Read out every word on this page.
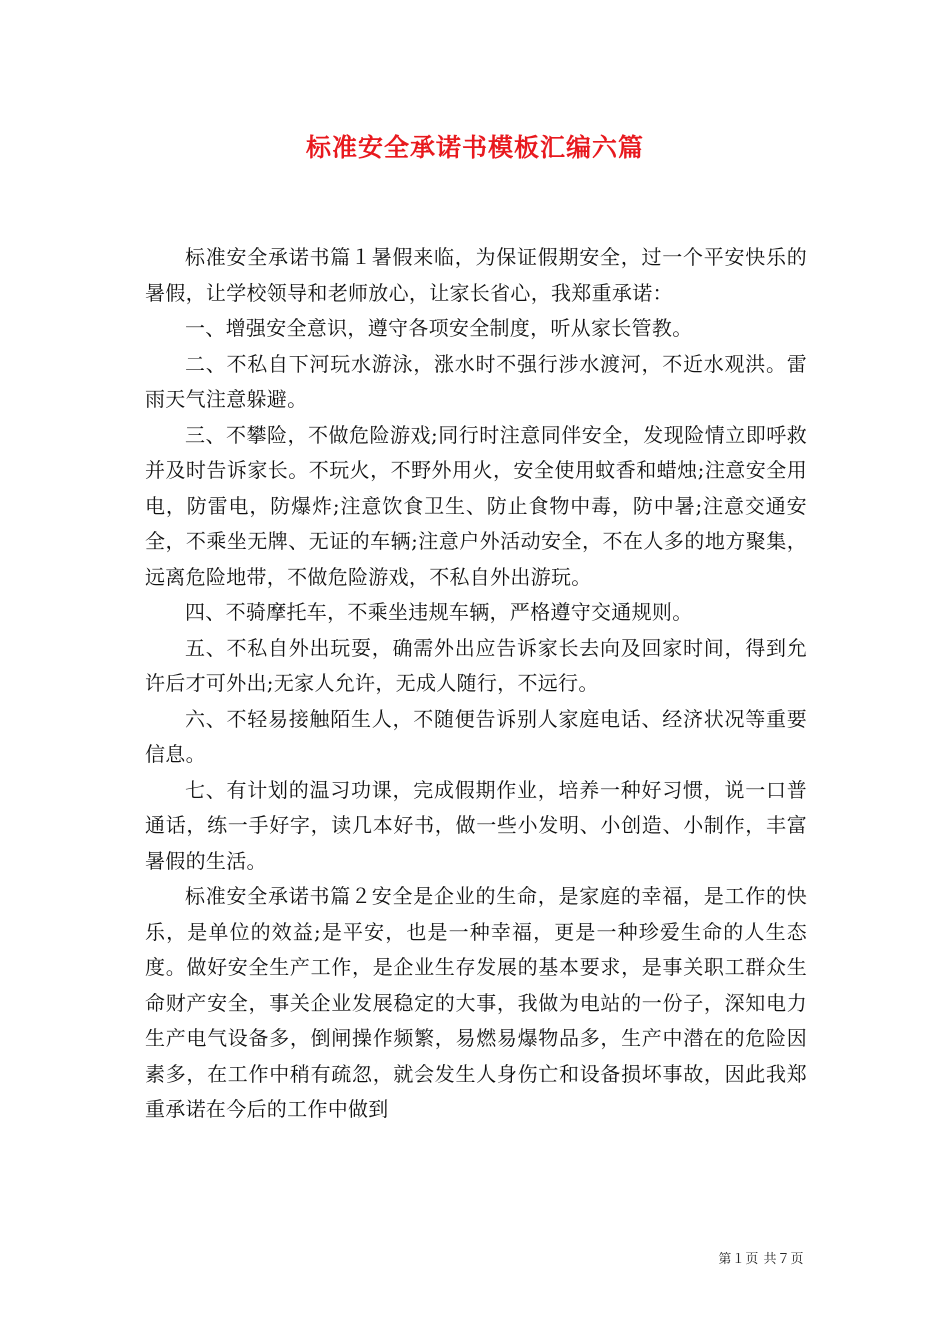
标准安全承诺书模板汇编六篇

标准安全承诺书篇１暑假来临，为保证假期安全，过一个平安快乐的暑假，让学校领导和老师放心，让家长省心，我郑重承诺：

一、增强安全意识，遵守各项安全制度，听从家长管教。

二、不私自下河玩水游泳，涨水时不强行涉水渡河，不近水观洪。雷雨天气注意躲避。

三、不攀险，不做危险游戏;同行时注意同伴安全，发现险情立即呼救并及时告诉家长。不玩火，不野外用火，安全使用蚊香和蜡烛;注意安全用电，防雷电，防爆炸;注意饮食卫生、防止食物中毒，防中暑;注意交通安全，不乘坐无牌、无证的车辆;注意户外活动安全，不在人多的地方聚集，远离危险地带，不做危险游戏，不私自外出游玩。

四、不骑摩托车，不乘坐违规车辆，严格遵守交通规则。

五、不私自外出玩耍，确需外出应告诉家长去向及回家时间，得到允许后才可外出;无家人允许，无成人随行，不远行。

六、不轻易接触陌生人，不随便告诉别人家庭电话、经济状况等重要信息。

七、有计划的温习功课，完成假期作业，培养一种好习惯，说一口普通话，练一手好字，读几本好书，做一些小发明、小创造、小制作，丰富暑假的生活。

标准安全承诺书篇２安全是企业的生命，是家庭的幸福，是工作的快乐，是单位的效益;是平安，也是一种幸福，更是一种珍爱生命的人生态度。做好安全生产工作，是企业生存发展的基本要求，是事关职工群众生命财产安全，事关企业发展稳定的大事，我做为电站的一份子，深知电力生产电气设备多，倒闸操作频繁，易燃易爆物品多，生产中潜在的危险因素多，在工作中稍有疏忽，就会发生人身伤亡和设备损坏事故，因此我郑重承诺在今后的工作中做到

第１页 共７页
